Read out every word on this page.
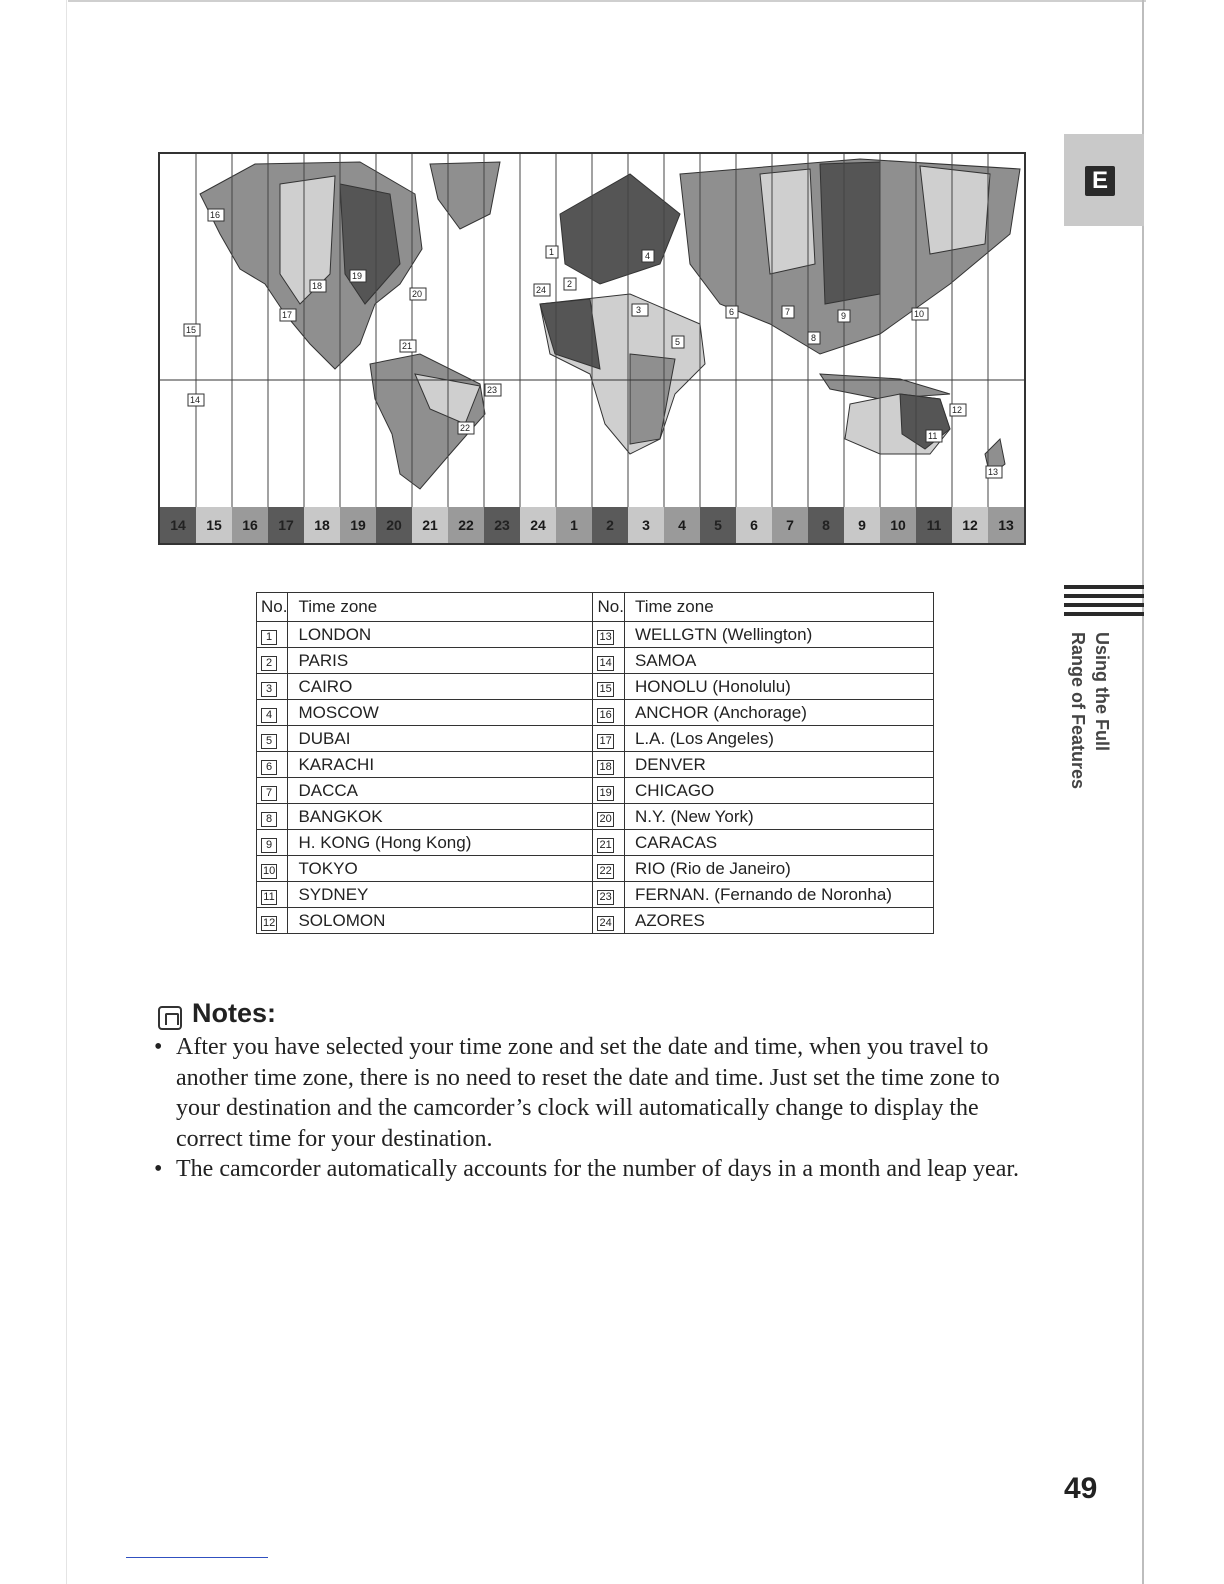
E
Using the Full
Range of Features
16
15
14
17
18
19
20
21
22
23
24
1
2
3
4
5
6	7
8
9	10
11
12
13
14	15	16	17	18	19	20	21	22	23	24	1	2	3	4	5	6	7	8	9	10	11	12	13
No.	Time zone	No.	Time zone
1	LONDON	13	WELLGTN (Wellington)
2	PARIS	14	SAMOA
3	CAIRO	15	HONOLU (Honolulu)
4	MOSCOW	16	ANCHOR (Anchorage)
5	DUBAI	17	L.A. (Los Angeles)
6	KARACHI	18	DENVER
7	DACCA	19	CHICAGO
8	BANGKOK	20	N.Y. (New York)
9	H. KONG (Hong Kong)	21	CARACAS
10	TOKYO	22	RIO (Rio de Janeiro)
11	SYDNEY	23	FERNAN. (Fernando de Noronha)
12	SOLOMON	24	AZORES
Notes:
• After you have selected your time zone and set the date and time, when you travel to another time zone, there is no need to reset the date and time. Just set the time zone to your destination and the camcorder’s clock will automatically change to display the correct time for your destination.
• The camcorder automatically accounts for the number of days in a month and leap year.
49
